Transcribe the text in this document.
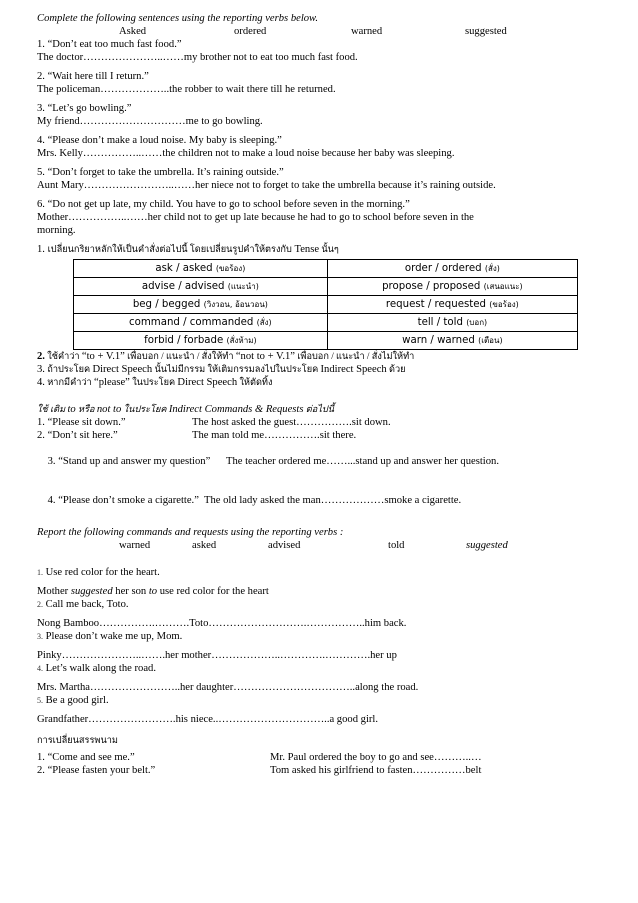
Complete the following sentences using the reporting verbs below.
Asked	ordered	warned	suggested
1. “Don’t eat too much fast food.”
The doctor…………………..……my brother not to eat too much fast food.
2. “Wait here till I return.”
The policeman………………..the robber to wait there till he returned.
3. “Let’s go bowling.”
My friend…………………………me to go bowling.
4. “Please don’t make a loud noise. My baby is sleeping.”
Mrs. Kelly……………..……the children not to make a loud noise because her baby was sleeping.
5. “Don’t forget to take the umbrella. It’s raining outside.”
Aunt Mary……………………..……her niece not to forget to take the umbrella because it’s raining outside.
6. “Do not get up late, my child. You have to go to school before seven in the morning.”
Mother……………..……her child not to get up late because he had to go to school before seven in the
morning.
1. เปลี่ยนกริยาหลักให้เป็นคำสั่งต่อไปนี้ โดยเปลี่ยนรูปคำให้ตรงกับ Tense นั้นๆ
ask / asked (ขอร้อง)	order / ordered (สั่ง)
advise / advised (แนะนำ)	propose / proposed (เสนอแนะ)
beg / begged (วิงวอน, อ้อนวอน)	request / requested (ขอร้อง)
command / commanded (สั่ง)	tell / told (บอก)
forbid / forbade (สั่งห้าม)	warn / warned (เตือน)
2. ใช้คำว่า “to + V.1” เพื่อบอก / แนะนำ / สั่งให้ทำ “not to + V.1” เพื่อบอก / แนะนำ / สั่งไม่ให้ทำ
3. ถ้าประโยค Direct Speech นั้นไม่มีกรรม ให้เติมกรรมลงไปในประโยค Indirect Speech ด้วย
4. หากมีคำว่า “please” ในประโยค Direct Speech ให้ตัดทิ้ง
ใช้ เติม to หรือ not to ในประโยค Indirect Commands & Requests ต่อไปนี้
1. “Please sit down.”	The host asked the guest…………….sit down.
2. “Don’t sit here.”	The man told me…………….sit there.

3. “Stand up and answer my question”      The teacher ordered me……...stand up and answer her question.

4. “Please don’t smoke a cigarette.”  The old lady asked the man………………smoke a cigarette.

Report the following commands and requests using the reporting verbs :
warned	asked	advised	told	suggested
1. Use red color for the heart.
Mother suggested her son to use red color for the heart
2. Call me back, Toto.
Nong Bamboo…………….……….Toto……………………….……………..him back.
3. Please don’t wake me up, Mom.
Pinky…………………..…….her mother………………..………….………….her up
4. Let’s walk along the road.
Mrs. Martha……………………..her daughter……………………………..along the road.
5. Be a good girl.
Grandfather…………………….his niece..…………………………..a good girl.
การเปลี่ยนสรรพนาม
1. “Come and see me.”	Mr. Paul ordered the boy to go and see………..…
2. “Please fasten your belt.”	Tom asked his girlfriend to fasten……………belt
